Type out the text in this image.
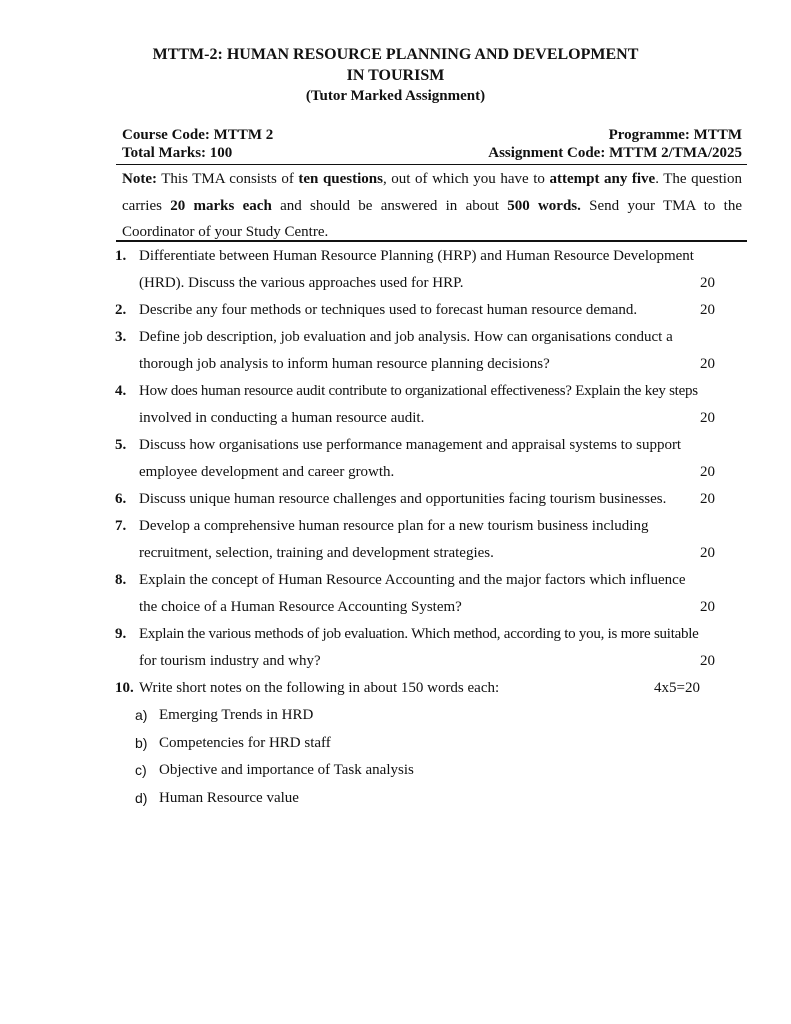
MTTM-2: HUMAN RESOURCE PLANNING AND DEVELOPMENT
IN TOURISM
(Tutor Marked Assignment)
Course Code: MTTM 2	Programme: MTTM
Total Marks: 100	Assignment Code: MTTM 2/TMA/2025
Note: This TMA consists of ten questions, out of which you have to attempt any five. The question carries 20 marks each and should be answered in about 500 words. Send your TMA to the Coordinator of your Study Centre.
1. Differentiate between Human Resource Planning (HRP) and Human Resource Development
(HRD). Discuss the various approaches used for HRP.	20
2. Describe any four methods or techniques used to forecast human resource demand.	20
3. Define job description, job evaluation and job analysis. How can organisations conduct a
thorough job analysis to inform human resource planning decisions?	20
4. How does human resource audit contribute to organizational effectiveness? Explain the key steps
involved in conducting a human resource audit.	20
5. Discuss how organisations use performance management and appraisal systems to support
employee development and career growth.	20
6. Discuss unique human resource challenges and opportunities facing tourism businesses. 20
7. Develop a comprehensive human resource plan for a new tourism business including
recruitment, selection, training and development strategies.	20
8. Explain the concept of Human Resource Accounting and the major factors which influence
the choice of a Human Resource Accounting System?	20
9. Explain the various methods of job evaluation. Which method, according to you, is more suitable
for tourism industry and why?	20
10. Write short notes on the following in about 150 words each:	4x5=20
a) Emerging Trends in HRD
b) Competencies for HRD staff
c) Objective and importance of Task analysis
d) Human Resource value
